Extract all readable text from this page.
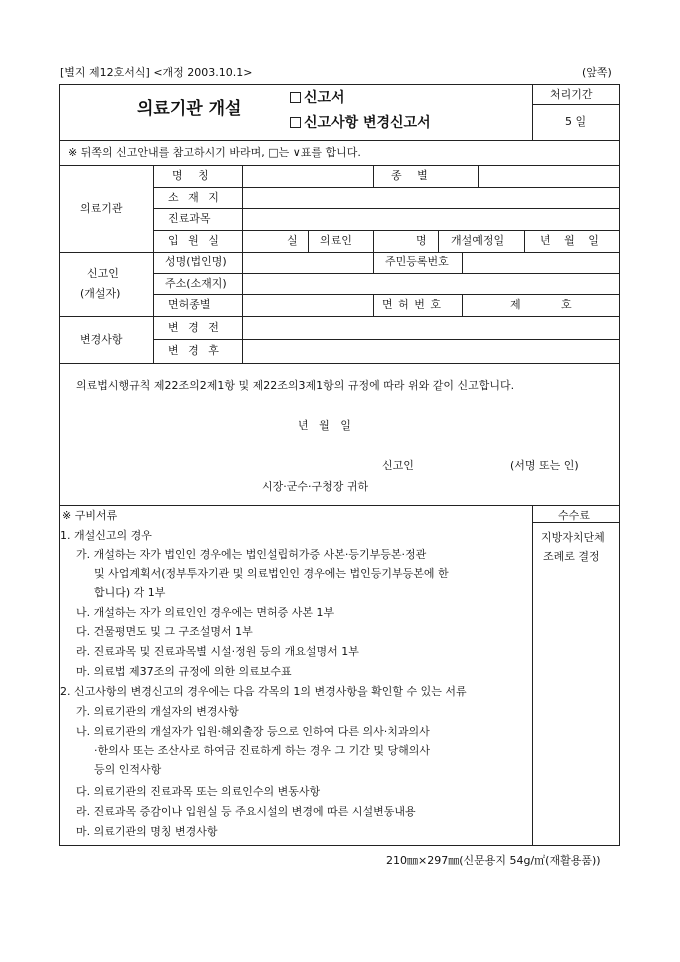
[별지 제12호서식] <개정 2003.10.1>	(앞쪽)
의료기관 개설
신고서
신고사항 변경신고서
처리기간
5 일
※ 뒤쪽의 신고안내를 참고하시기 바라며, □는 ∨표를 합니다.
의료기관
명 칭	종 별
소 재 지
진료과목
입 원 실	실 의료인	명 개설예정일	년 월 일
신고인
(개설자)
성명(법인명)	주민등록번호
주소(소재지)
면허종별	면 허 번 호	제	호
변경사항
변 경 전
변 경 후
의료법시행규칙 제22조의2제1항 및 제22조의3제1항의 규정에 따라 위와 같이 신고합니다.
년   월   일
신고인	(서명 또는 인)
시장·군수·구청장 귀하
※ 구비서류	수수료
지방자치단체
조례로 결정
1. 개설신고의 경우
가. 개설하는 자가 법인인 경우에는 법인설립허가증 사본·등기부등본·정관
및 사업계획서(정부투자기관 및 의료법인인 경우에는 법인등기부등본에 한
합니다) 각 1부
나. 개설하는 자가 의료인인 경우에는 면허증 사본 1부
다. 건물평면도 및 그 구조설명서 1부
라. 진료과목 및 진료과목별 시설·정원 등의 개요설명서 1부
마. 의료법 제37조의 규정에 의한 의료보수표
2. 신고사항의 변경신고의 경우에는 다음 각목의 1의 변경사항을 확인할 수 있는 서류
가. 의료기관의 개설자의 변경사항
나. 의료기관의 개설자가 입원·해외출장 등으로 인하여 다른 의사·치과의사
·한의사 또는 조산사로 하여금 진료하게 하는 경우 그 기간 및 당해의사
등의 인적사항
다. 의료기관의 진료과목 또는 의료인수의 변동사항
라. 진료과목 증감이나 입원실 등 주요시설의 변경에 따른 시설변동내용
마. 의료기관의 명칭 변경사항
210㎜×297㎜(신문용지 54g/㎡(재활용품))
